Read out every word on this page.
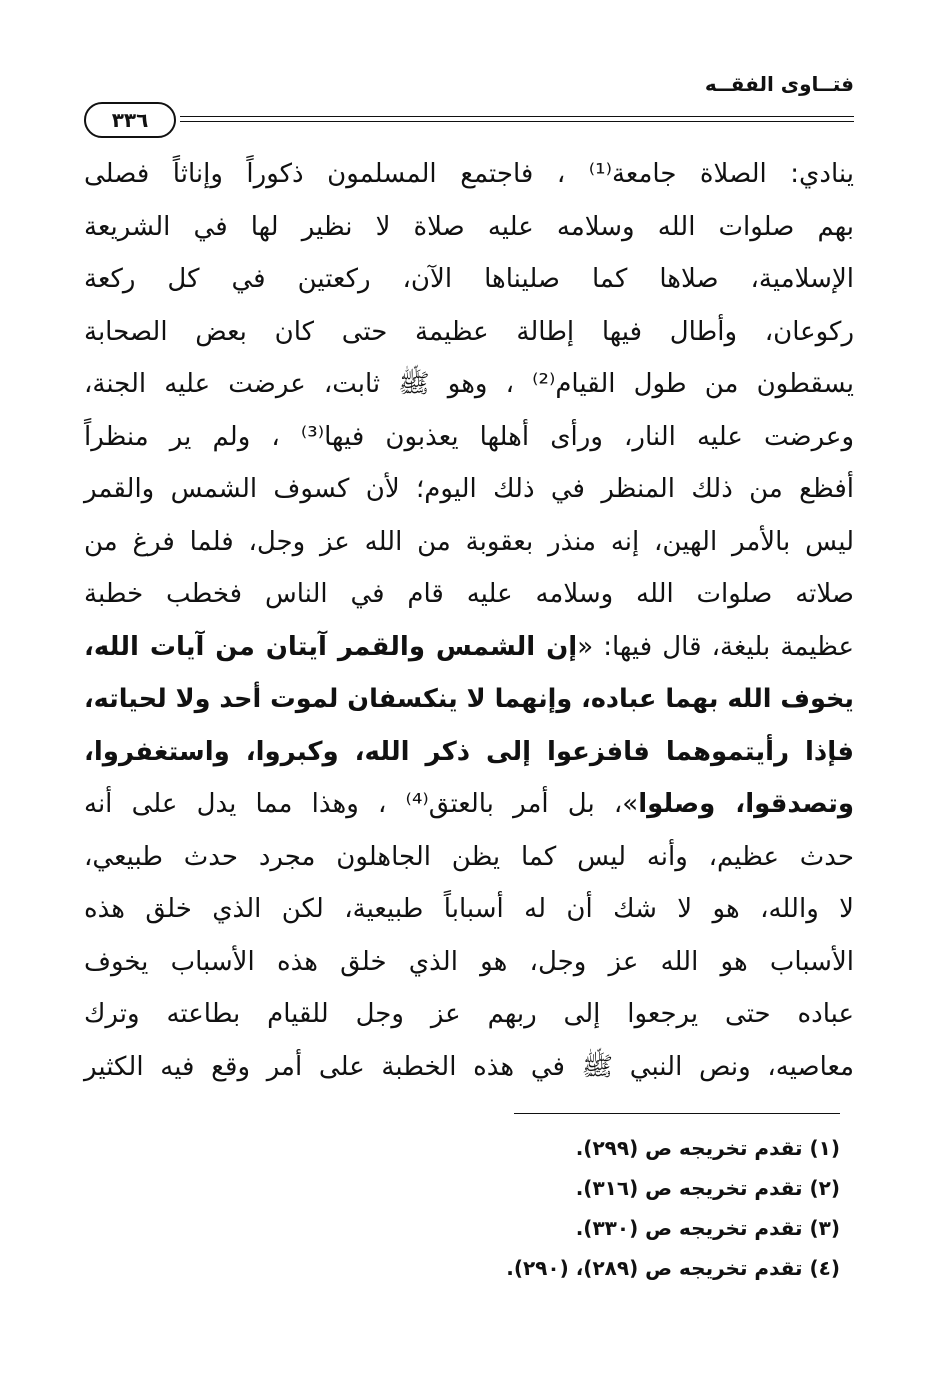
فتــاوى الفقــه
٣٣٦
ينادي: الصلاة جامعة⁽¹⁾ ، فاجتمع المسلمون ذكوراً وإناثاً فصلى
بهم صلوات الله وسلامه عليه صلاة لا نظير لها في الشريعة
الإسلامية، صلاها كما صليناها الآن، ركعتين في كل ركعة
ركوعان، وأطال فيها إطالة عظيمة حتى كان بعض الصحابة
يسقطون من طول القيام⁽²⁾ ، وهو ﷺ ثابت، عرضت عليه الجنة،
وعرضت عليه النار، ورأى أهلها يعذبون فيها⁽³⁾ ، ولم ير منظراً
أفظع من ذلك المنظر في ذلك اليوم؛ لأن كسوف الشمس والقمر
ليس بالأمر الهين، إنه منذر بعقوبة من الله عز وجل، فلما فرغ من
صلاته صلوات الله وسلامه عليه قام في الناس فخطب خطبة
عظيمة بليغة، قال فيها: «إن الشمس والقمر آيتان من آيات الله،
يخوف الله بهما عباده، وإنهما لا ينكسفان لموت أحد ولا لحياته،
فإذا رأيتموهما فافزعوا إلى ذكر الله، وكبروا، واستغفروا،
وتصدقوا، وصلوا»، بل أمر بالعتق⁽⁴⁾ ، وهذا مما يدل على أنه
حدث عظيم، وأنه ليس كما يظن الجاهلون مجرد حدث طبيعي،
لا والله، هو لا شك أن له أسباباً طبيعية، لكن الذي خلق هذه
الأسباب هو الله عز وجل، هو الذي خلق هذه الأسباب يخوف
عباده حتى يرجعوا إلى ربهم عز وجل للقيام بطاعته وترك
معاصيه، ونص النبي ﷺ في هذه الخطبة على أمر وقع فيه الكثير
(١) تقدم تخريجه ص (٢٩٩).
(٢) تقدم تخريجه ص (٣١٦).
(٣) تقدم تخريجه ص (٣٣٠).
(٤) تقدم تخريجه ص (٢٨٩)، (٢٩٠).
